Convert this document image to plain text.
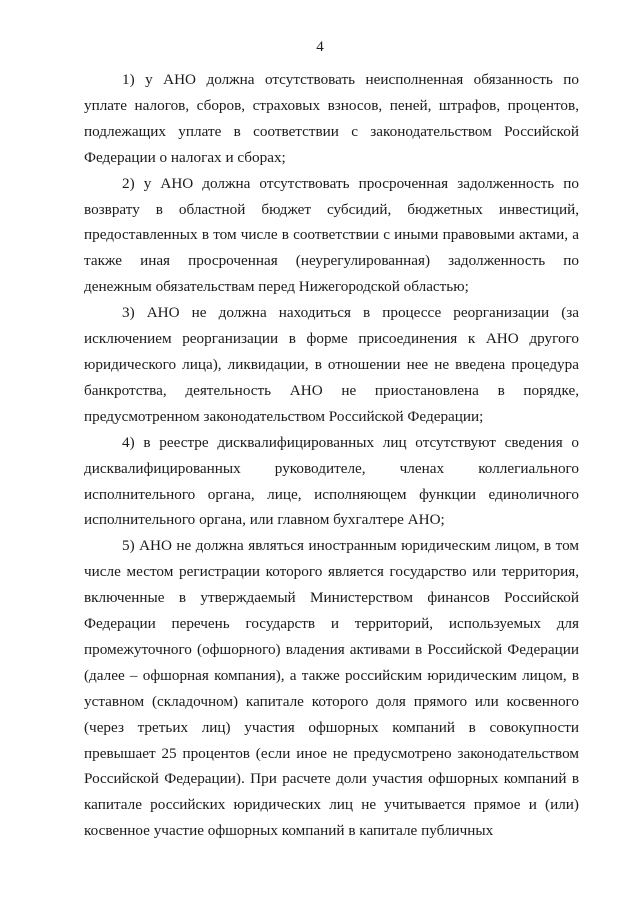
4

1) у АНО должна отсутствовать неисполненная обязанность по уплате налогов, сборов, страховых взносов, пеней, штрафов, процентов, подлежащих уплате в соответствии с законодательством Российской Федерации о налогах и сборах;

2) у АНО должна отсутствовать просроченная задолженность по возврату в областной бюджет субсидий, бюджетных инвестиций, предоставленных в том числе в соответствии с иными правовыми актами, а также иная просроченная (неурегулированная) задолженность по денежным обязательствам перед Нижегородской областью;

3) АНО не должна находиться в процессе реорганизации (за исключением реорганизации в форме присоединения к АНО другого юридического лица), ликвидации, в отношении нее не введена процедура банкротства, деятельность АНО не приостановлена в порядке, предусмотренном законодательством Российской Федерации;

4) в реестре дисквалифицированных лиц отсутствуют сведения о дисквалифицированных руководителе, членах коллегиального исполнительного органа, лице, исполняющем функции единоличного исполнительного органа, или главном бухгалтере АНО;

5) АНО не должна являться иностранным юридическим лицом, в том числе местом регистрации которого является государство или территория, включенные в утверждаемый Министерством финансов Российской Федерации перечень государств и территорий, используемых для промежуточного (офшорного) владения активами в Российской Федерации (далее – офшорная компания), а также российским юридическим лицом, в уставном (складочном) капитале которого доля прямого или косвенного (через третьих лиц) участия офшорных компаний в совокупности превышает 25 процентов (если иное не предусмотрено законодательством Российской Федерации). При расчете доли участия офшорных компаний в капитале российских юридических лиц не учитывается прямое и (или) косвенное участие офшорных компаний в капитале публичных
